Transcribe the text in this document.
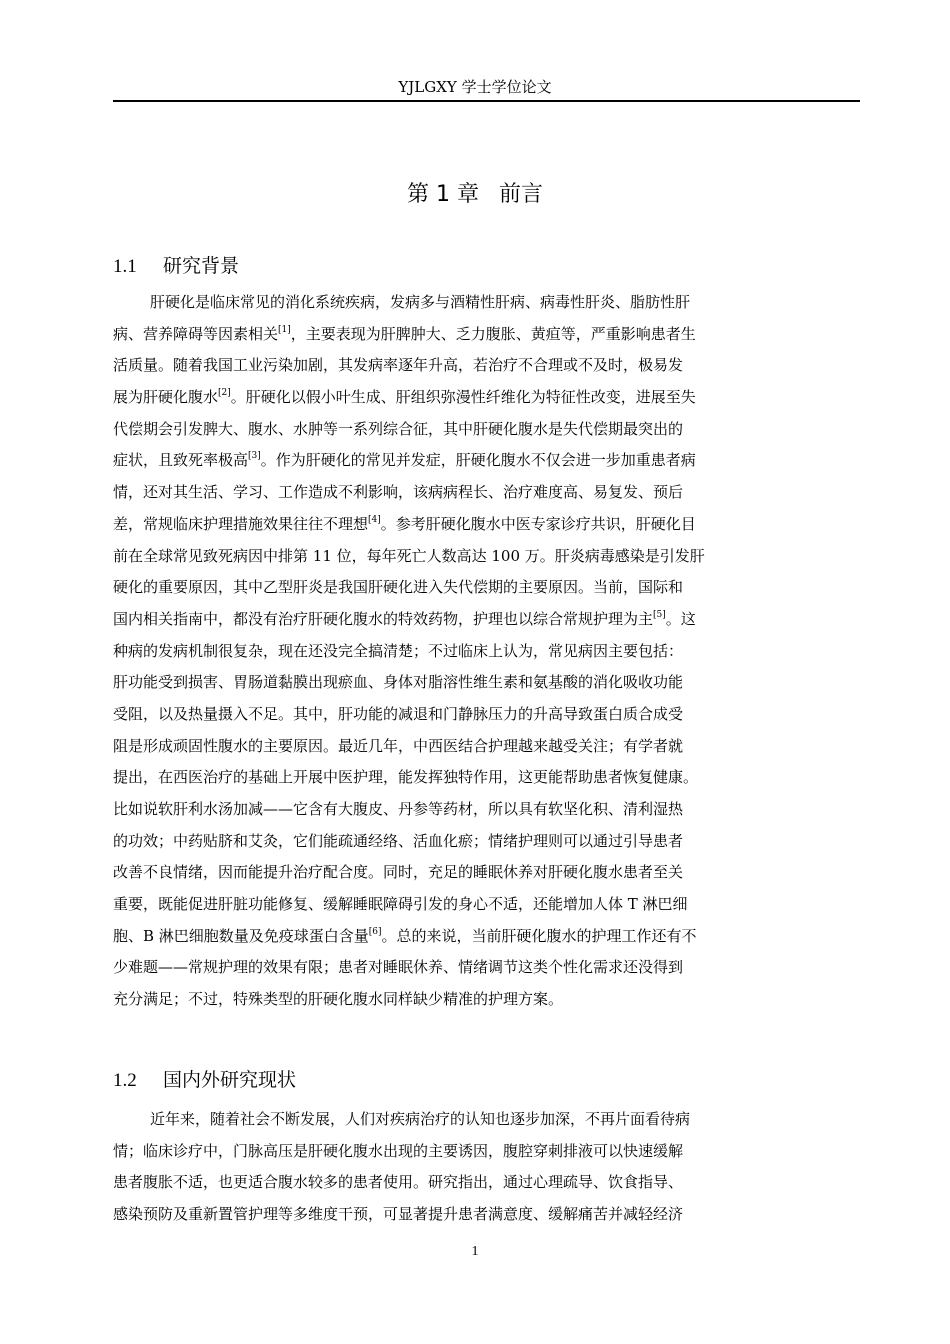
YJLGXY 学士学位论文
第 1 章 前言
1.1 研究背景
肝硬化是临床常见的消化系统疾病，发病多与酒精性肝病、病毒性肝炎、脂肪性肝
病、营养障碍等因素相关[1]，主要表现为肝脾肿大、乏力腹胀、黄疸等，严重影响患者生
活质量。随着我国工业污染加剧，其发病率逐年升高，若治疗不合理或不及时，极易发
展为肝硬化腹水[2]。肝硬化以假小叶生成、肝组织弥漫性纤维化为特征性改变，进展至失
代偿期会引发脾大、腹水、水肿等一系列综合征，其中肝硬化腹水是失代偿期最突出的
症状，且致死率极高[3]。作为肝硬化的常见并发症，肝硬化腹水不仅会进一步加重患者病
情，还对其生活、学习、工作造成不利影响，该病病程长、治疗难度高、易复发、预后
差，常规临床护理措施效果往往不理想[4]。参考肝硬化腹水中医专家诊疗共识，肝硬化目
前在全球常见致死病因中排第 11 位，每年死亡人数高达 100 万。肝炎病毒感染是引发肝
硬化的重要原因，其中乙型肝炎是我国肝硬化进入失代偿期的主要原因。当前，国际和
国内相关指南中，都没有治疗肝硬化腹水的特效药物，护理也以综合常规护理为主[5]。这
种病的发病机制很复杂，现在还没完全搞清楚；不过临床上认为，常见病因主要包括：
肝功能受到损害、胃肠道黏膜出现瘀血、身体对脂溶性维生素和氨基酸的消化吸收功能
受阻，以及热量摄入不足。其中，肝功能的减退和门静脉压力的升高导致蛋白质合成受
阻是形成顽固性腹水的主要原因。最近几年，中西医结合护理越来越受关注；有学者就
提出，在西医治疗的基础上开展中医护理，能发挥独特作用，这更能帮助患者恢复健康。
比如说软肝利水汤加减——它含有大腹皮、丹参等药材，所以具有软坚化积、清利湿热
的功效；中药贴脐和艾灸，它们能疏通经络、活血化瘀；情绪护理则可以通过引导患者
改善不良情绪，因而能提升治疗配合度。同时，充足的睡眠休养对肝硬化腹水患者至关
重要，既能促进肝脏功能修复、缓解睡眠障碍引发的身心不适，还能增加人体 T 淋巴细
胞、B 淋巴细胞数量及免疫球蛋白含量[6]。总的来说，当前肝硬化腹水的护理工作还有不
少难题——常规护理的效果有限；患者对睡眠休养、情绪调节这类个性化需求还没得到
充分满足；不过，特殊类型的肝硬化腹水同样缺少精准的护理方案。
1.2 国内外研究现状
近年来，随着社会不断发展，人们对疾病治疗的认知也逐步加深，不再片面看待病
情；临床诊疗中，门脉高压是肝硬化腹水出现的主要诱因，腹腔穿刺排液可以快速缓解
患者腹胀不适，也更适合腹水较多的患者使用。研究指出，通过心理疏导、饮食指导、
感染预防及重新置管护理等多维度干预，可显著提升患者满意度、缓解痛苦并减轻经济
1
